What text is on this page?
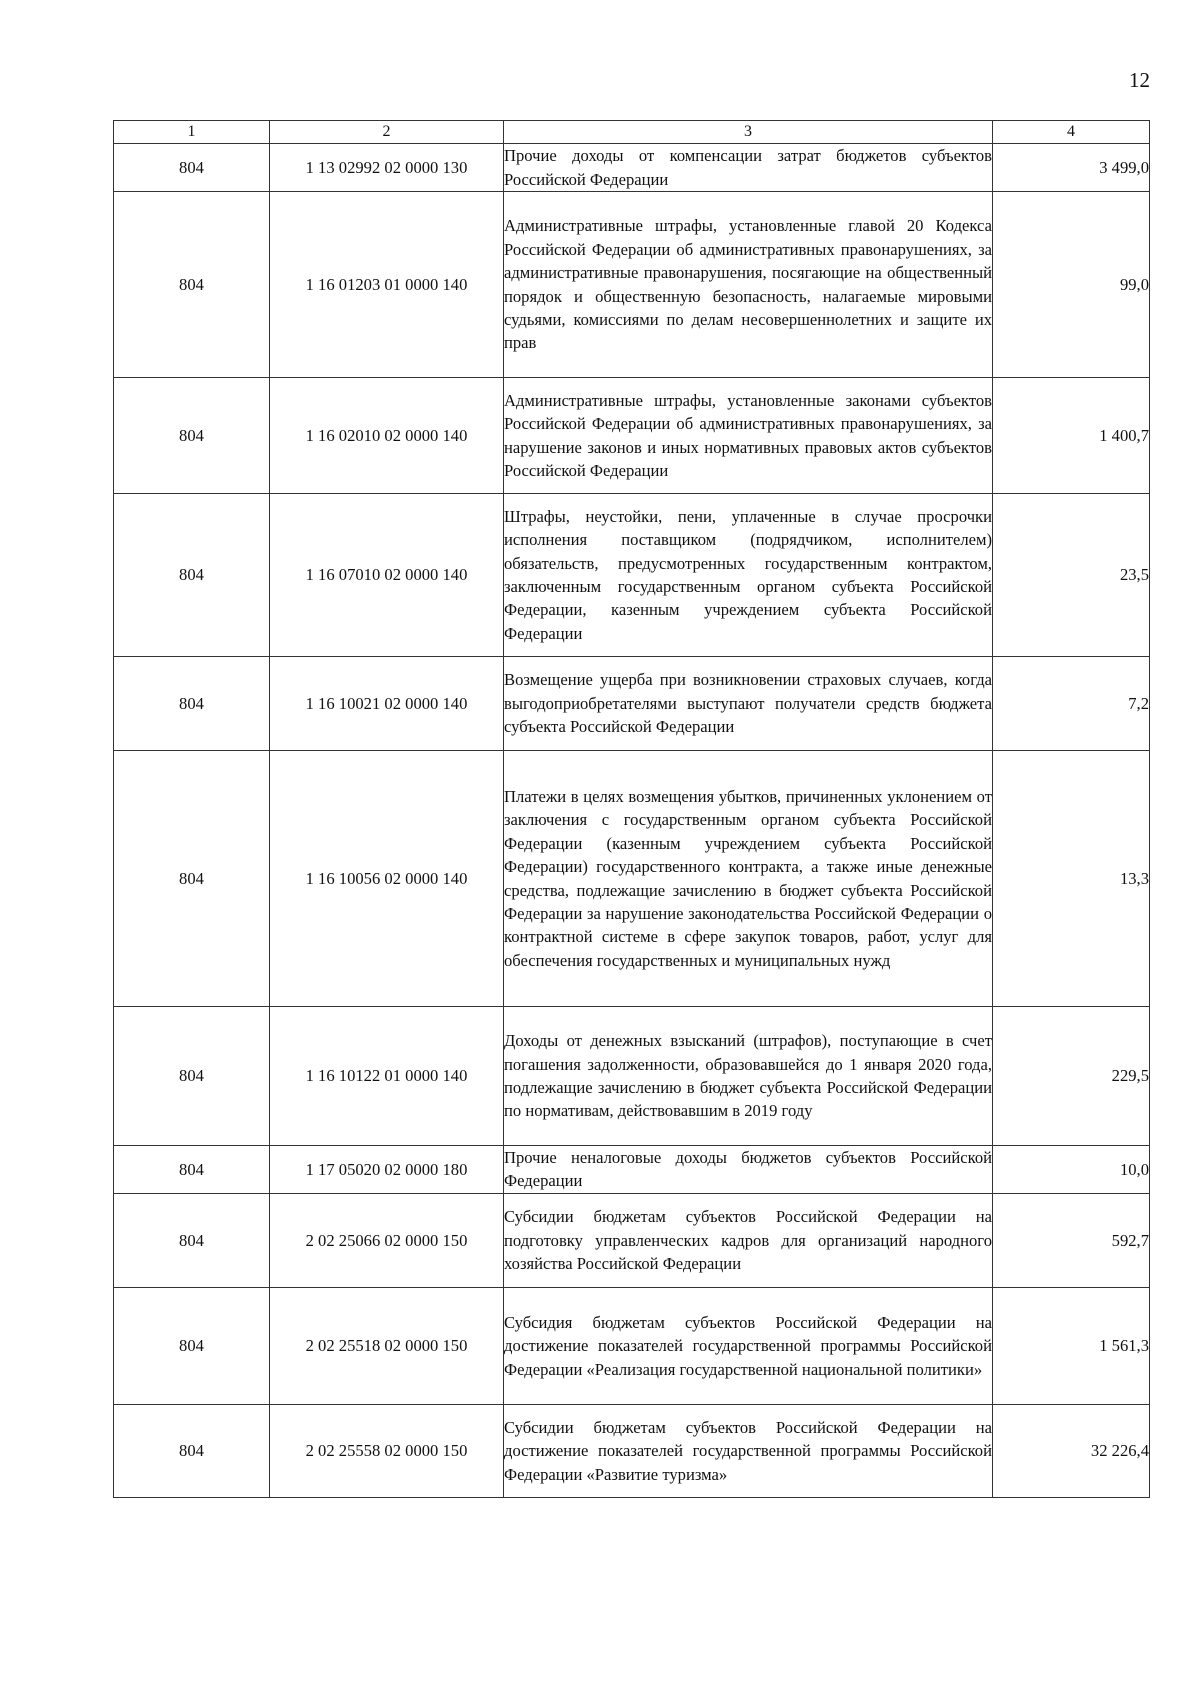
12
1	2	3	4
804	1 13 02992 02 0000 130	Прочие доходы от компенсации затрат бюджетов субъектов Российской Федерации	3 499,0
804	1 16 01203 01 0000 140	Административные штрафы, установленные главой 20 Кодекса Российской Федерации об административных правонарушениях, за административные правонарушения, посягающие на общественный порядок и общественную безопасность, налагаемые мировыми судьями, комиссиями по делам несовершеннолетних и защите их прав	99,0
804	1 16 02010 02 0000 140	Административные штрафы, установленные законами субъектов Российской Федерации об административных правонарушениях, за нарушение законов и иных нормативных правовых актов субъектов Российской Федерации	1 400,7
804	1 16 07010 02 0000 140	Штрафы, неустойки, пени, уплаченные в случае просрочки исполнения поставщиком (подрядчиком, исполнителем) обязательств, предусмотренных государственным контрактом, заключенным государственным органом субъекта Российской Федерации, казенным учреждением субъекта Российской Федерации	23,5
804	1 16 10021 02 0000 140	Возмещение ущерба при возникновении страховых случаев, когда выгодоприобретателями выступают получатели средств бюджета субъекта Российской Федерации	7,2
804	1 16 10056 02 0000 140	Платежи в целях возмещения убытков, причиненных уклонением от заключения с государственным органом субъекта Российской Федерации (казенным учреждением субъекта Российской Федерации) государственного контракта, а также иные денежные средства, подлежащие зачислению в бюджет субъекта Российской Федерации за нарушение законодательства Российской Федерации о контрактной системе в сфере закупок товаров, работ, услуг для обеспечения государственных и муниципальных нужд	13,3
804	1 16 10122 01 0000 140	Доходы от денежных взысканий (штрафов), поступающие в счет погашения задолженности, образовавшейся до 1 января 2020 года, подлежащие зачислению в бюджет субъекта Российской Федерации по нормативам, действовавшим в 2019 году	229,5
804	1 17 05020 02 0000 180	Прочие неналоговые доходы бюджетов субъектов Российской Федерации	10,0
804	2 02 25066 02 0000 150	Субсидии бюджетам субъектов Российской Федерации на подготовку управленческих кадров для организаций народного хозяйства Российской Федерации	592,7
804	2 02 25518 02 0000 150	Субсидия бюджетам субъектов Российской Федерации на достижение показателей государственной программы Российской Федерации «Реализация государственной национальной политики»	1 561,3
804	2 02 25558 02 0000 150	Субсидии бюджетам субъектов Российской Федерации на достижение показателей государственной программы Российской Федерации «Развитие туризма»	32 226,4
